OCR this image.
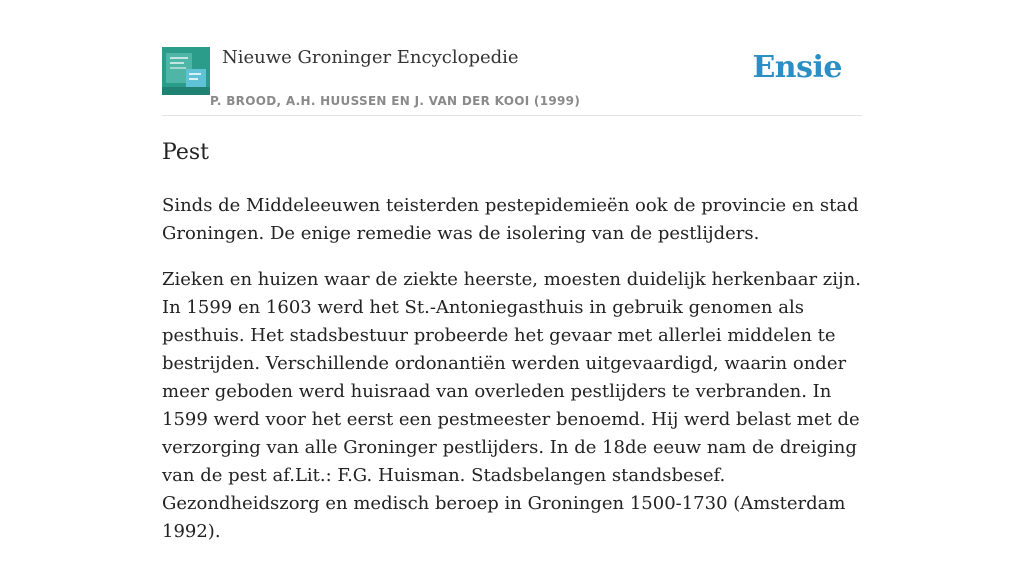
Nieuwe Groninger Encyclopedie
P. BROOD, A.H. HUUSSEN EN J. VAN DER KOOI (1999)
Ensie
Pest

Sinds de Middeleeuwen teisterden pestepidemieën ook de provincie en stad Groningen. De enige remedie was de isolering van de pestlijders.

Zieken en huizen waar de ziekte heerste, moesten duidelijk herkenbaar zijn. In 1599 en 1603 werd het St.-Antoniegasthuis in gebruik genomen als pesthuis. Het stadsbestuur probeerde het gevaar met allerlei middelen te bestrijden. Verschillende ordonantiën werden uitgevaardigd, waarin onder meer geboden werd huisraad van overleden pestlijders te verbranden. In 1599 werd voor het eerst een pestmeester benoemd. Hij werd belast met de verzorging van alle Groninger pestlijders. In de 18de eeuw nam de dreiging van de pest af.Lit.: F.G. Huisman. Stadsbelangen standsbesef. Gezondheidszorg en medisch beroep in Groningen 1500-1730 (Amsterdam 1992).
